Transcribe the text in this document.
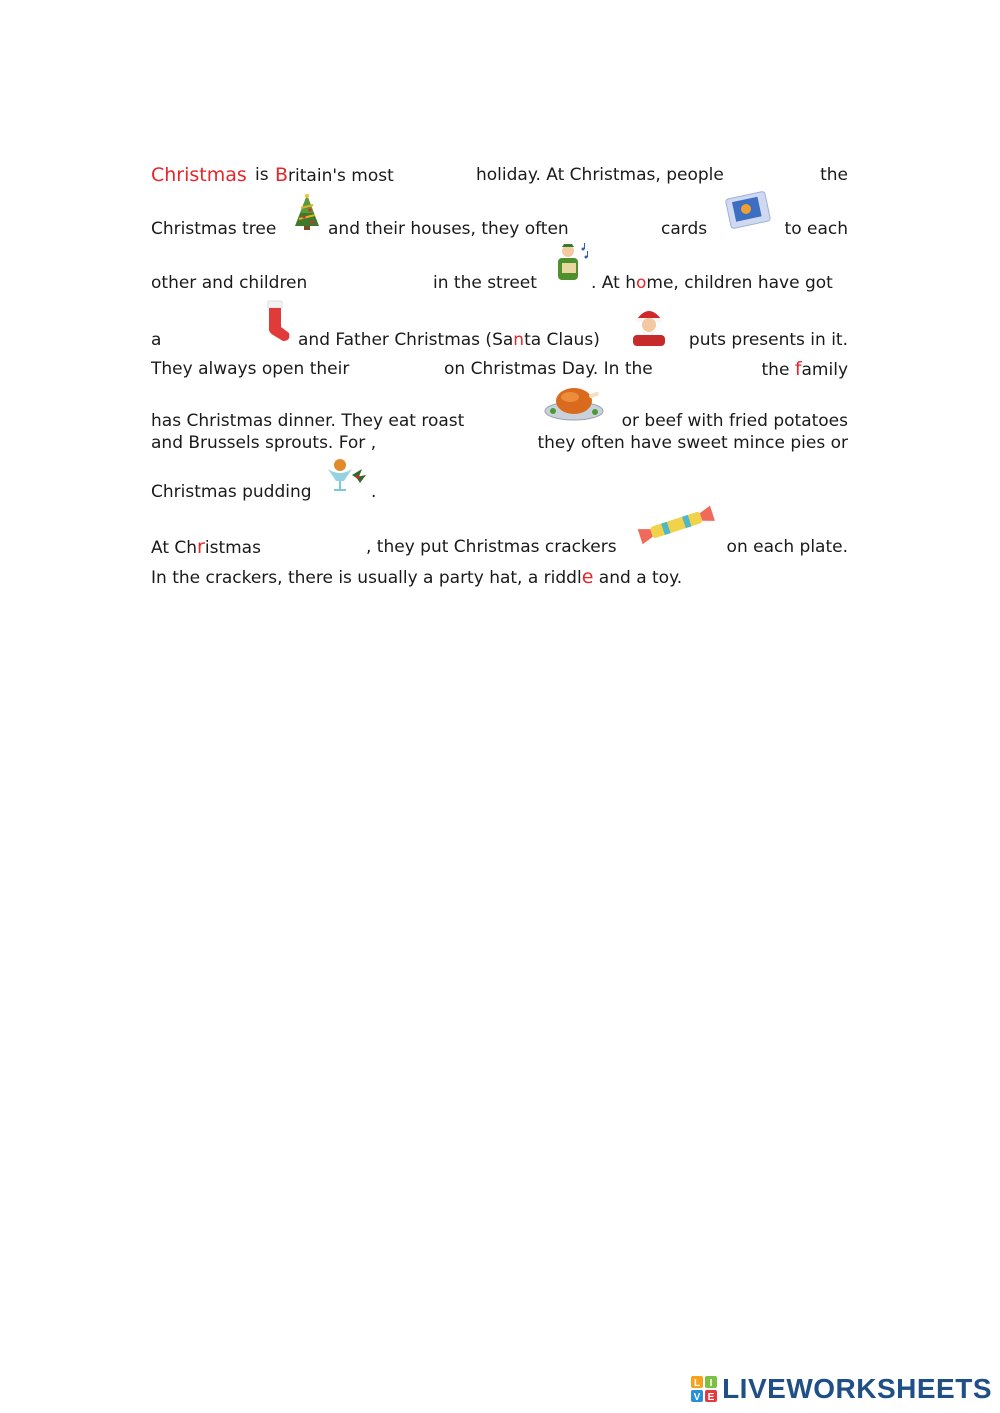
Christmas is Britain's most	holiday. At Christmas, people	the
Christmas tree	and their houses, they often	cards	to each
other and children	in the street	. At home, children have got
a	and Father Christmas (Santa Claus)	puts presents in it.
They always open their	on Christmas Day. In the	the family
has Christmas dinner. They eat roast	or beef with fried potatoes
and Brussels sprouts. For ,	they often have sweet mince pies or
Christmas pudding	.
At Christmas	, they put Christmas crackers	on each plate.
In the crackers, there is usually a party hat, a riddle and a toy.
L I
V E LIVEWORKSHEETS
